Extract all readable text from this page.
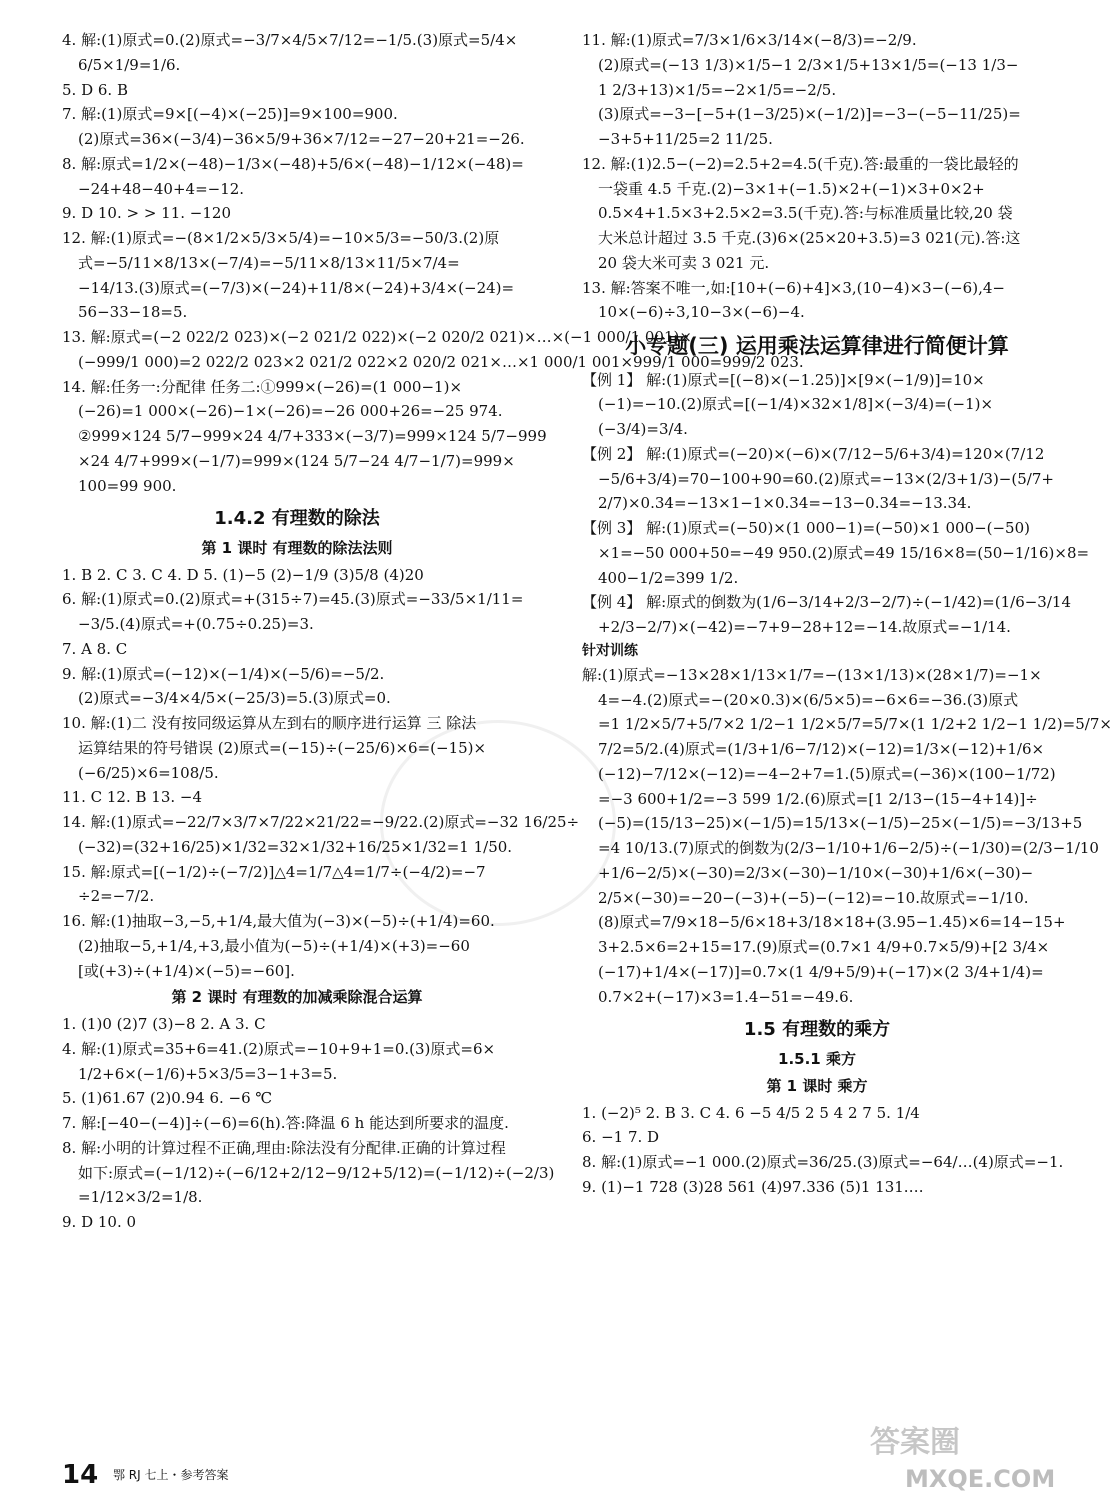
4. 解:(1)原式=0.(2)原式=−3/7×4/5×7/12=−1/5.(3)原式=5/4×
6/5×1/9=1/6.
5. D 6. B
7. 解:(1)原式=9×[(−4)×(−25)]=9×100=900.
(2)原式=36×(−3/4)−36×5/9+36×7/12=−27−20+21=−26.
8. 解:原式=1/2×(−48)−1/3×(−48)+5/6×(−48)−1/12×(−48)=
−24+48−40+4=−12.
9. D 10. > > 11. −120
12. 解:(1)原式=−(8×1/2×5/3×5/4)=−10×5/3=−50/3.(2)原
式=−5/11×8/13×(−7/4)=−5/11×8/13×11/5×7/4=
−14/13.(3)原式=(−7/3)×(−24)+11/8×(−24)+3/4×(−24)=
56−33−18=5.
13. 解:原式=(−2 022/2 023)×(−2 021/2 022)×(−2 020/2 021)×…×(−1 000/1 001)×
(−999/1 000)=2 022/2 023×2 021/2 022×2 020/2 021×…×1 000/1 001×999/1 000=999/2 023.
14. 解:任务一:分配律 任务二:①999×(−26)=(1 000−1)×
(−26)=1 000×(−26)−1×(−26)=−26 000+26=−25 974.
②999×124 5/7−999×24 4/7+333×(−3/7)=999×124 5/7−999
×24 4/7+999×(−1/7)=999×(124 5/7−24 4/7−1/7)=999×
100=99 900.
1.4.2 有理数的除法
第 1 课时 有理数的除法法则
1. B 2. C 3. C 4. D 5. (1)−5 (2)−1/9 (3)5/8 (4)20
6. 解:(1)原式=0.(2)原式=+(315÷7)=45.(3)原式=−33/5×1/11=
−3/5.(4)原式=+(0.75÷0.25)=3.
7. A 8. C
9. 解:(1)原式=(−12)×(−1/4)×(−5/6)=−5/2.
(2)原式=−3/4×4/5×(−25/3)=5.(3)原式=0.
10. 解:(1)二 没有按同级运算从左到右的顺序进行运算 三 除法
运算结果的符号错误 (2)原式=(−15)÷(−25/6)×6=(−15)×
(−6/25)×6=108/5.
11. C 12. B 13. −4
14. 解:(1)原式=−22/7×3/7×7/22×21/22=−9/22.(2)原式=−32 16/25÷
(−32)=(32+16/25)×1/32=32×1/32+16/25×1/32=1 1/50.
15. 解:原式=[(−1/2)÷(−7/2)]△4=1/7△4=1/7÷(−4/2)=−7
÷2=−7/2.
16. 解:(1)抽取−3,−5,+1/4,最大值为(−3)×(−5)÷(+1/4)=60.
(2)抽取−5,+1/4,+3,最小值为(−5)÷(+1/4)×(+3)=−60
[或(+3)÷(+1/4)×(−5)=−60].
第 2 课时 有理数的加减乘除混合运算
1. (1)0 (2)7 (3)−8 2. A 3. C
4. 解:(1)原式=35+6=41.(2)原式=−10+9+1=0.(3)原式=6×
1/2+6×(−1/6)+5×3/5=3−1+3=5.
5. (1)61.67 (2)0.94 6. −6 ℃
7. 解:[−40−(−4)]÷(−6)=6(h).答:降温 6 h 能达到所要求的温度.
8. 解:小明的计算过程不正确,理由:除法没有分配律.正确的计算过程
如下:原式=(−1/12)÷(−6/12+2/12−9/12+5/12)=(−1/12)÷(−2/3)
=1/12×3/2=1/8.
9. D 10. 0
11. 解:(1)原式=7/3×1/6×3/14×(−8/3)=−2/9.
(2)原式=(−13 1/3)×1/5−1 2/3×1/5+13×1/5=(−13 1/3−
1 2/3+13)×1/5=−2×1/5=−2/5.
(3)原式=−3−[−5+(1−3/25)×(−1/2)]=−3−(−5−11/25)=
−3+5+11/25=2 11/25.
12. 解:(1)2.5−(−2)=2.5+2=4.5(千克).答:最重的一袋比最轻的
一袋重 4.5 千克.(2)−3×1+(−1.5)×2+(−1)×3+0×2+
0.5×4+1.5×3+2.5×2=3.5(千克).答:与标准质量比较,20 袋
大米总计超过 3.5 千克.(3)6×(25×20+3.5)=3 021(元).答:这
20 袋大米可卖 3 021 元.
13. 解:答案不唯一,如:[10+(−6)+4]×3,(10−4)×3−(−6),4−
10×(−6)÷3,10−3×(−6)−4.
小专题(三) 运用乘法运算律进行简便计算
【例 1】 解:(1)原式=[(−8)×(−1.25)]×[9×(−1/9)]=10×
(−1)=−10.(2)原式=[(−1/4)×32×1/8]×(−3/4)=(−1)×
(−3/4)=3/4.
【例 2】 解:(1)原式=(−20)×(−6)×(7/12−5/6+3/4)=120×(7/12
−5/6+3/4)=70−100+90=60.(2)原式=−13×(2/3+1/3)−(5/7+
2/7)×0.34=−13×1−1×0.34=−13−0.34=−13.34.
【例 3】 解:(1)原式=(−50)×(1 000−1)=(−50)×1 000−(−50)
×1=−50 000+50=−49 950.(2)原式=49 15/16×8=(50−1/16)×8=
400−1/2=399 1/2.
【例 4】 解:原式的倒数为(1/6−3/14+2/3−2/7)÷(−1/42)=(1/6−3/14
+2/3−2/7)×(−42)=−7+9−28+12=−14.故原式=−1/14.
针对训练
解:(1)原式=−13×28×1/13×1/7=−(13×1/13)×(28×1/7)=−1×
4=−4.(2)原式=−(20×0.3)×(6/5×5)=−6×6=−36.(3)原式
=1 1/2×5/7+5/7×2 1/2−1 1/2×5/7=5/7×(1 1/2+2 1/2−1 1/2)=5/7×
7/2=5/2.(4)原式=(1/3+1/6−7/12)×(−12)=1/3×(−12)+1/6×
(−12)−7/12×(−12)=−4−2+7=1.(5)原式=(−36)×(100−1/72)
=−3 600+1/2=−3 599 1/2.(6)原式=[1 2/13−(15−4+14)]÷
(−5)=(15/13−25)×(−1/5)=15/13×(−1/5)−25×(−1/5)=−3/13+5
=4 10/13.(7)原式的倒数为(2/3−1/10+1/6−2/5)÷(−1/30)=(2/3−1/10
+1/6−2/5)×(−30)=2/3×(−30)−1/10×(−30)+1/6×(−30)−
2/5×(−30)=−20−(−3)+(−5)−(−12)=−10.故原式=−1/10.
(8)原式=7/9×18−5/6×18+3/18×18+(3.95−1.45)×6=14−15+
3+2.5×6=2+15=17.(9)原式=(0.7×1 4/9+0.7×5/9)+[2 3/4×
(−17)+1/4×(−17)]=0.7×(1 4/9+5/9)+(−17)×(2 3/4+1/4)=
0.7×2+(−17)×3=1.4−51=−49.6.
1.5 有理数的乘方
1.5.1 乘方
第 1 课时 乘方
1. (−2)⁵ 2. B 3. C 4. 6 −5 4/5 2 5 4 2 7 5. 1/4
6. −1 7. D
8. 解:(1)原式=−1 000.(2)原式=36/25.(3)原式=−64/…(4)原式=−1.
9. (1)−1 728 (3)28 561 (4)97.336 (5)1 131.…
14 鄂 RJ 七上・参考答案
答案圈
MXQE.COM
